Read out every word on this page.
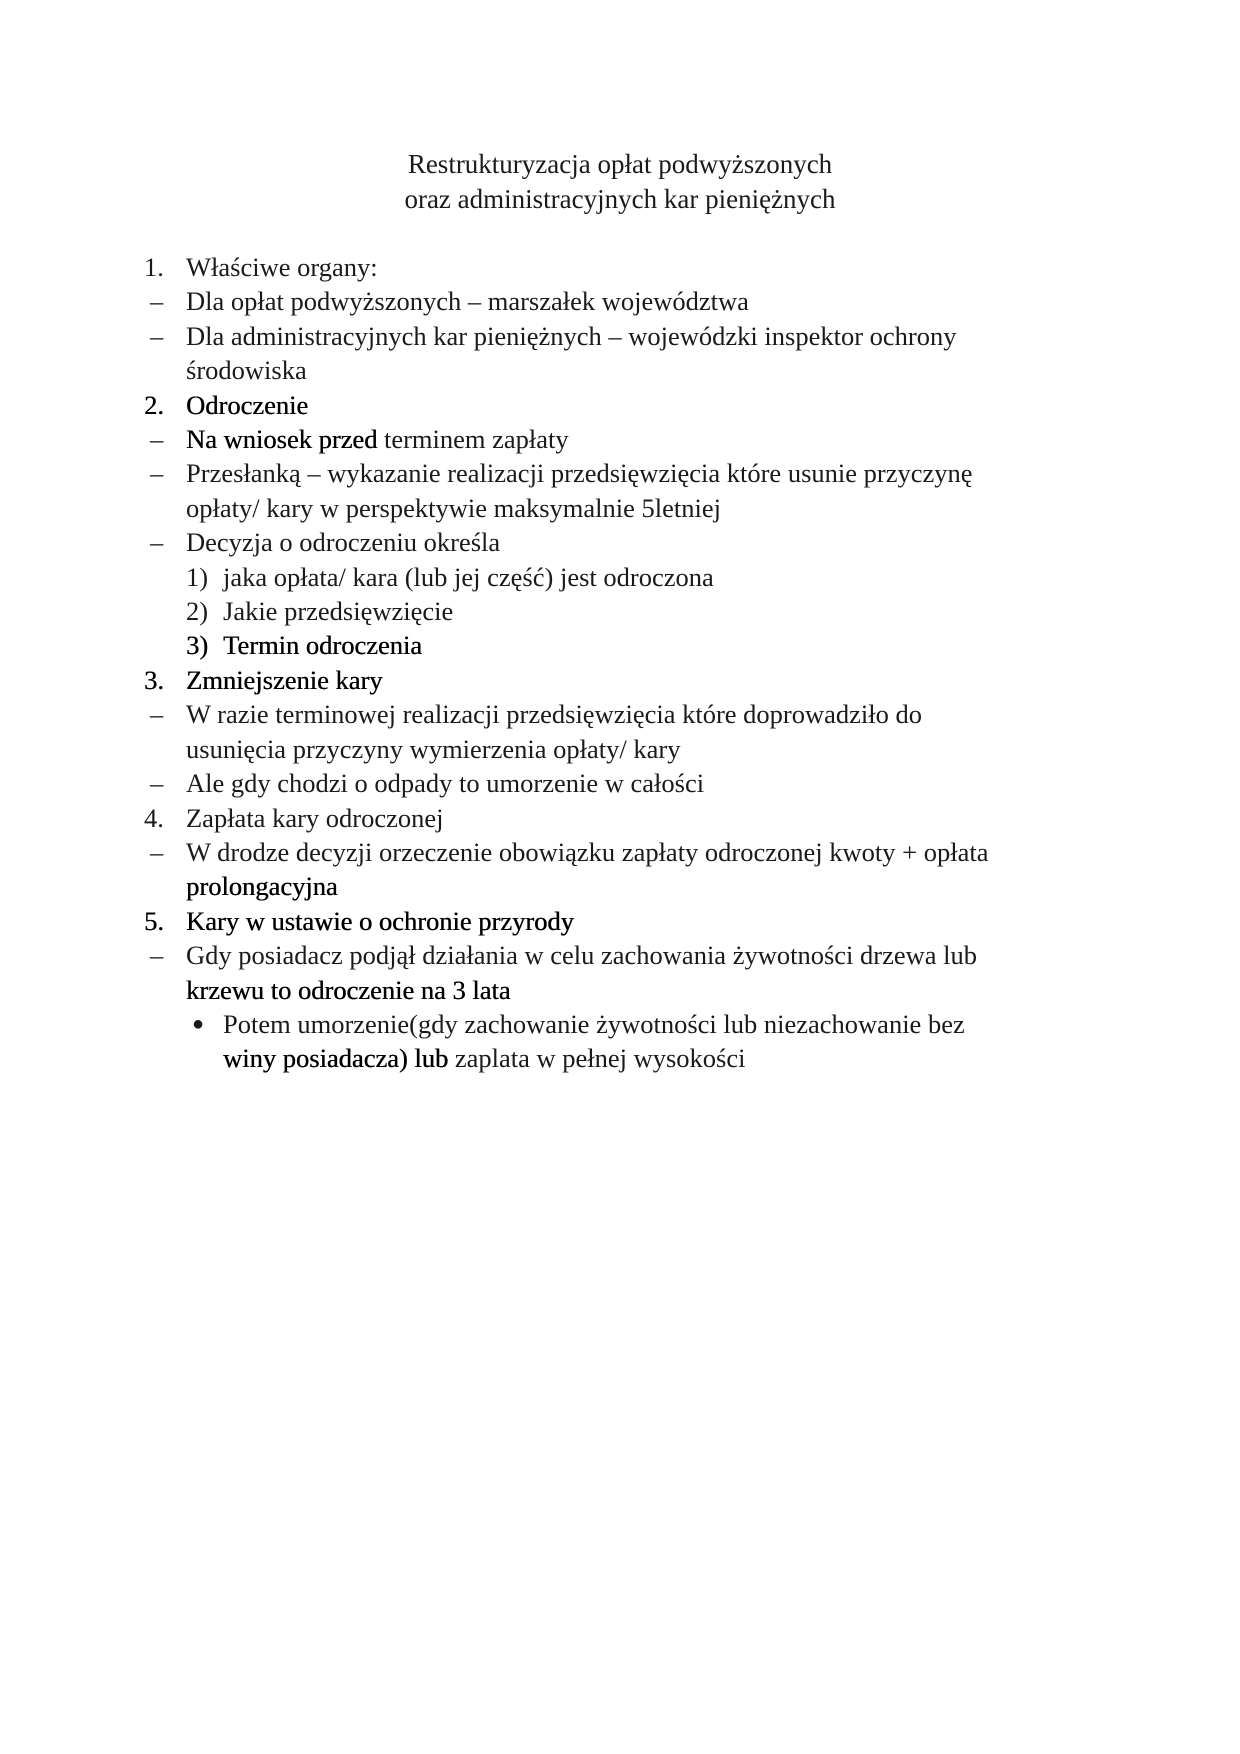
Restrukturyzacja opłat podwyższonych
oraz administracyjnych kar pieniężnych
1. Właściwe organy:
– Dla opłat podwyższonych – marszałek województwa
– Dla administracyjnych kar pieniężnych – wojewódzki inspektor ochrony
środowiska
2. Odroczenie
– Na wniosek przed terminem zapłaty
– Przesłanką – wykazanie realizacji przedsięwzięcia które usunie przyczynę
opłaty/ kary w perspektywie maksymalnie 5letniej
– Decyzja o odroczeniu określa
1) jaka opłata/ kara (lub jej część) jest odroczona
2) Jakie przedsięwzięcie
3) Termin odroczenia
3. Zmniejszenie kary
– W razie terminowej realizacji przedsięwzięcia które doprowadziło do
usunięcia przyczyny wymierzenia opłaty/ kary
– Ale gdy chodzi o odpady to umorzenie w całości
4. Zapłata kary odroczonej
– W drodze decyzji orzeczenie obowiązku zapłaty odroczonej kwoty + opłata
prolongacyjna
5. Kary w ustawie o ochronie przyrody
– Gdy posiadacz podjął działania w celu zachowania żywotności drzewa lub
krzewu to odroczenie na 3 lata
● Potem umorzenie(gdy zachowanie żywotności lub niezachowanie bez
winy posiadacza) lub zaplata w pełnej wysokości
